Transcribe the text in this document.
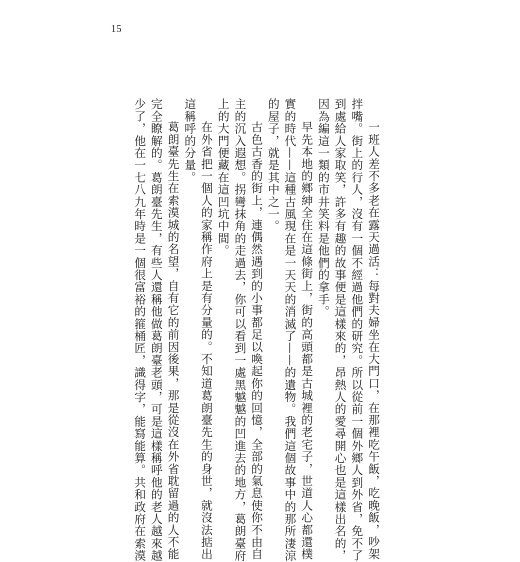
15

一班人差不多老在露天過活：每對夫婦坐在大門口，在那裡吃午飯，吃晚飯，吵架

拌嘴。街上的行人，沒有一個不經過他們的研究。所以從前一個外鄉人到外省，免不了

到處給人家取笑，許多有趣的故事便是這樣來的，昂熱人的愛尋開心也是這樣出名的，

因為編這一類的市井笑料是他們的拿手。

早先本地的鄉紳全住在這條街上，街的高頭都是古城裡的老宅子，世道人心都還樸

實的時代——這種古風現在是一天天的消滅了——的遺物。我們這個故事中的那所淒涼

的屋子，就是其中之一。

古色古香的街上，連偶然遇到的小事都足以喚起你的回憶，全部的氣息使你不由自

主的沉入遐想。拐彎抹角的走過去，你可以看到一處黑魆魆的凹進去的地方，葛朗臺府

上的大門便藏在這凹坑中間。

在外省把一個人的家稱作府上是有分量的。不知道葛朗臺先生的身世，就沒法掂出

這稱呼的分量。

葛朗臺先生在索漠城的名望，自有它的前因後果，那是從沒在外省耽留過的人不能

完全瞭解的。葛朗臺先生，有些人還稱他做葛朗臺老頭，可是這樣稱呼他的老人越來越

少了，他在一七八九年時是一個很富裕的箍桶匠，識得字，能寫能算。共和政府在索漠
